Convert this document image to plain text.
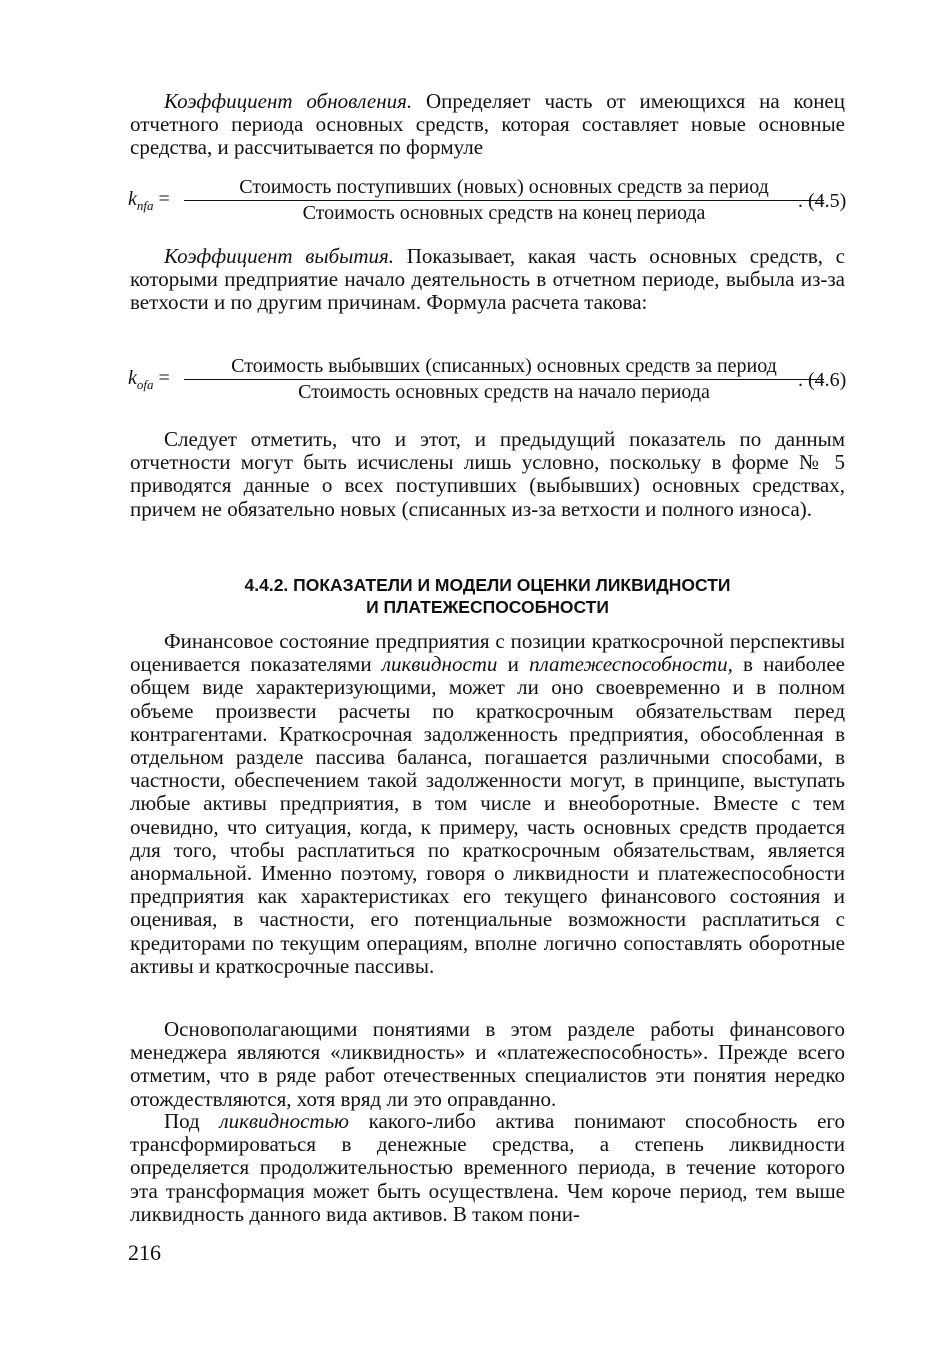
Коэффициент обновления. Определяет часть от имеющихся на конец отчетного периода основных средств, которая составляет новые основные средства, и рассчитывается по формуле

$k_{nfa}$ =
Стоимость поступивших (новых) основных средств за период
Стоимость основных средств на конец периода
. (4.5)

Коэффициент выбытия. Показывает, какая часть основных средств, с которыми предприятие начало деятельность в отчетном периоде, выбыла из-за ветхости и по другим причинам. Формула расчета такова:

$k_{ofa}$ =
Стоимость выбывших (списанных) основных средств за период
Стоимость основных средств на начало периода
. (4.6)

Следует отметить, что и этот, и предыдущий показатель по данным отчетности могут быть исчислены лишь условно, поскольку в форме № 5 приводятся данные о всех поступивших (выбывших) основных средствах, причем не обязательно новых (списанных из-за ветхости и полного износа).

4.4.2. ПОКАЗАТЕЛИ И МОДЕЛИ ОЦЕНКИ ЛИКВИДНОСТИ
И ПЛАТЕЖЕСПОСОБНОСТИ

Финансовое состояние предприятия с позиции краткосрочной перспективы оценивается показателями ликвидности и платежеспособности, в наиболее общем виде характеризующими, может ли оно своевременно и в полном объеме произвести расчеты по краткосрочным обязательствам перед контрагентами. Краткосрочная задолженность предприятия, обособленная в отдельном разделе пассива баланса, погашается различными способами, в частности, обеспечением такой задолженности могут, в принципе, выступать любые активы предприятия, в том числе и внеоборотные. Вместе с тем очевидно, что ситуация, когда, к примеру, часть основных средств продается для того, чтобы расплатиться по краткосрочным обязательствам, является анормальной. Именно поэтому, говоря о ликвидности и платежеспособности предприятия как характеристиках его текущего финансового состояния и оценивая, в частности, его потенциальные возможности расплатиться с кредиторами по текущим операциям, вполне логично сопоставлять оборотные активы и краткосрочные пассивы.

Основополагающими понятиями в этом разделе работы финансового менеджера являются «ликвидность» и «платежеспособность». Прежде всего отметим, что в ряде работ отечественных специалистов эти понятия нередко отождествляются, хотя вряд ли это оправданно.

Под ликвидностью какого-либо актива понимают способность его трансформироваться в денежные средства, а степень ликвидности определяется продолжительностью временного периода, в течение которого эта трансформация может быть осуществлена. Чем короче период, тем выше ликвидность данного вида активов. В таком пони-

216
